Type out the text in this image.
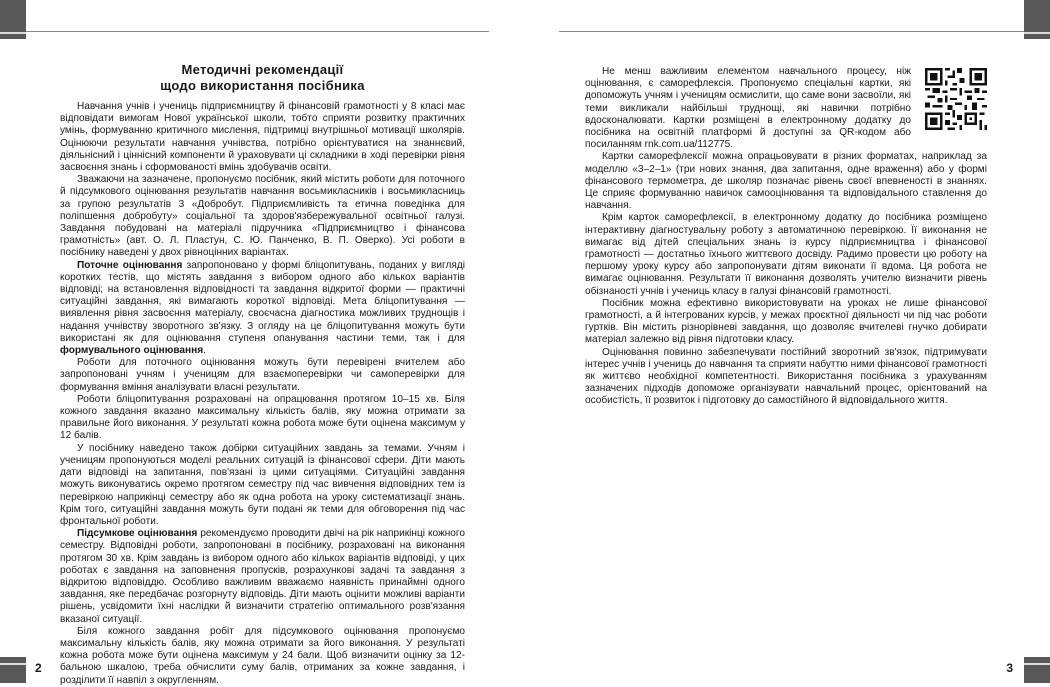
Методичні рекомендації
щодо використання посібника

Навчання учнів і учениць підприємництву й фінансовій грамотності у 8 класі має відповідати вимогам Нової української школи, тобто сприяти розвитку практичних умінь, формуванню критичного мислення, підтримці внутрішньої мотивації школярів. Оцінюючи результати навчання учнівства, потрібно орієнтуватися на знаннєвий, діяльнісний і ціннісний компоненти й ураховувати ці складники в ході перевірки рівня засвоєння знань і сформованості вмінь здобувачів освіти.

Зважаючи на зазначене, пропонуємо посібник, який містить роботи для поточного й підсумкового оцінювання результатів навчання восьмикласників і восьмикласниць за групою результатів 3 «Добробут. Підприємливість та етична поведінка для поліпшення добробуту» соціальної та здоров'язбережувальної освітньої галузі. Завдання побудовані на матеріалі підручника «Підприємництво і фінансова грамотність» (авт. О. Л. Пластун, С. Ю. Панченко, В. П. Оверко). Усі роботи в посібнику наведені у двох рівноцінних варіантах.

Поточне оцінювання запропоновано у формі бліцопитувань, поданих у вигляді коротких тестів, що містять завдання з вибором одного або кількох варіантів відповіді; на встановлення відповідності та завдання відкритої форми — практичні ситуаційні завдання, які вимагають короткої відповіді. Мета бліцопитування — виявлення рівня засвоєння матеріалу, своєчасна діагностика можливих труднощів і надання учнівству зворотного зв'язку. З огляду на це бліцопитування можуть бути використані як для оцінювання ступеня опанування частини теми, так і для формувального оцінювання.

Роботи для поточного оцінювання можуть бути перевірені вчителем або запропоновані учням і ученицям для взаємоперевірки чи самоперевірки для формування вміння аналізувати власні результати.

Роботи бліцопитування розраховані на опрацювання протягом 10–15 хв. Біля кожного завдання вказано максимальну кількість балів, яку можна отримати за правильне його виконання. У результаті кожна робота може бути оцінена максимум у 12 балів.

У посібнику наведено також добірки ситуаційних завдань за темами. Учням і ученицям пропонуються моделі реальних ситуацій із фінансової сфери. Діти мають дати відповіді на запитання, пов'язані із цими ситуаціями. Ситуаційні завдання можуть виконуватись окремо протягом семестру під час вивчення відповідних тем із перевіркою наприкінці семестру або як одна робота на уроку систематизації знань. Крім того, ситуаційні завдання можуть бути подані як теми для обговорення під час фронтальної роботи.

Підсумкове оцінювання рекомендуємо проводити двічі на рік наприкінці кожного семестру. Відповідні роботи, запропоновані в посібнику, розраховані на виконання протягом 30 хв. Крім завдань із вибором одного або кількох варіантів відповіді, у цих роботах є завдання на заповнення пропусків, розрахункові задачі та завдання з відкритою відповіддю. Особливо важливим вважаємо наявність принаймні одного завдання, яке передбачає розгорнуту відповідь. Діти мають оцінити можливі варіанти рішень, усвідомити їхні наслідки й визначити стратегію оптимального розв'язання вказаної ситуації.

Біля кожного завдання робіт для підсумкового оцінювання пропонуємо максимальну кількість балів, яку можна отримати за його виконання. У результаті кожна робота може бути оцінена максимум у 24 бали. Щоб визначити оцінку за 12-бальною шкалою, треба обчислити суму балів, отриманих за кожне завдання, і розділити її навпіл з округленням.

2

Не менш важливим елементом навчального процесу, ніж оцінювання, є саморефлексія. Пропонуємо спеціальні картки, які допоможуть учням і ученицям осмислити, що саме вони засвоїли, які теми викликали найбільші труднощі, які навички потрібно вдосконалювати. Картки розміщені в електронному додатку до посібника на освітній платформі й доступні за QR-кодом або посиланням rnk.com.ua/112775.

Картки саморефлексії можна опрацьовувати в різних форматах, наприклад за моделлю «3–2–1» (три нових знання, два запитання, одне враження) або у формі фінансового термометра, де школяр позначає рівень своєї впевненості в знаннях. Це сприяє формуванню навичок самооцінювання та відповідального ставлення до навчання.

Крім карток саморефлексії, в електронному додатку до посібника розміщено інтерактивну діагностувальну роботу з автоматичною перевіркою. Її виконання не вимагає від дітей спеціальних знань із курсу підприємництва і фінансової грамотності — достатньо їхнього життєвого досвіду. Радимо провести цю роботу на першому уроку курсу або запропонувати дітям виконати її вдома. Ця робота не вимагає оцінювання. Результати її виконання дозволять учителю визначити рівень обізнаності учнів і учениць класу в галузі фінансовій грамотності.

Посібник можна ефективно використовувати на уроках не лише фінансової грамотності, а й інтегрованих курсів, у межах проєктної діяльності чи під час роботи гуртків. Він містить різнорівневі завдання, що дозволяє вчителеві гнучко добирати матеріал залежно від рівня підготовки класу.

Оцінювання повинно забезпечувати постійний зворотний зв'язок, підтримувати інтерес учнів і учениць до навчання та сприяти набуттю ними фінансової грамотності як життєво необхідної компетентності. Використання посібника з урахуванням зазначених підходів допоможе організувати навчальний процес, орієнтований на особистість, її розвиток і підготовку до самостійного й відповідального життя.

3
